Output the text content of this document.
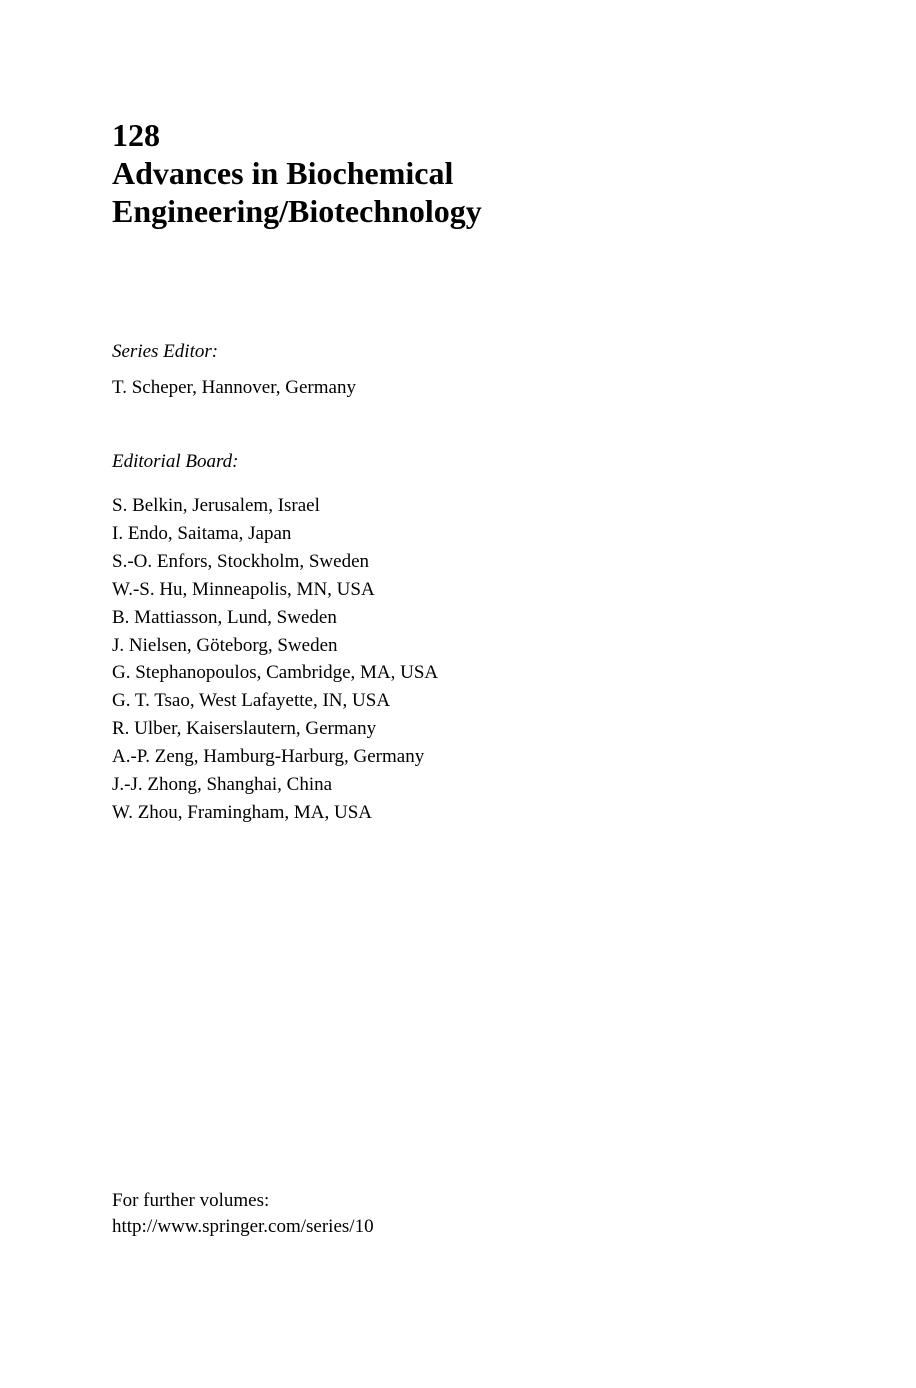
128
Advances in Biochemical
Engineering/Biotechnology
Series Editor:
T. Scheper, Hannover, Germany
Editorial Board:
S. Belkin, Jerusalem, Israel
I. Endo, Saitama, Japan
S.-O. Enfors, Stockholm, Sweden
W.-S. Hu, Minneapolis, MN, USA
B. Mattiasson, Lund, Sweden
J. Nielsen, Göteborg, Sweden
G. Stephanopoulos, Cambridge, MA, USA
G. T. Tsao, West Lafayette, IN, USA
R. Ulber, Kaiserslautern, Germany
A.-P. Zeng, Hamburg-Harburg, Germany
J.-J. Zhong, Shanghai, China
W. Zhou, Framingham, MA, USA
For further volumes:
http://www.springer.com/series/10
